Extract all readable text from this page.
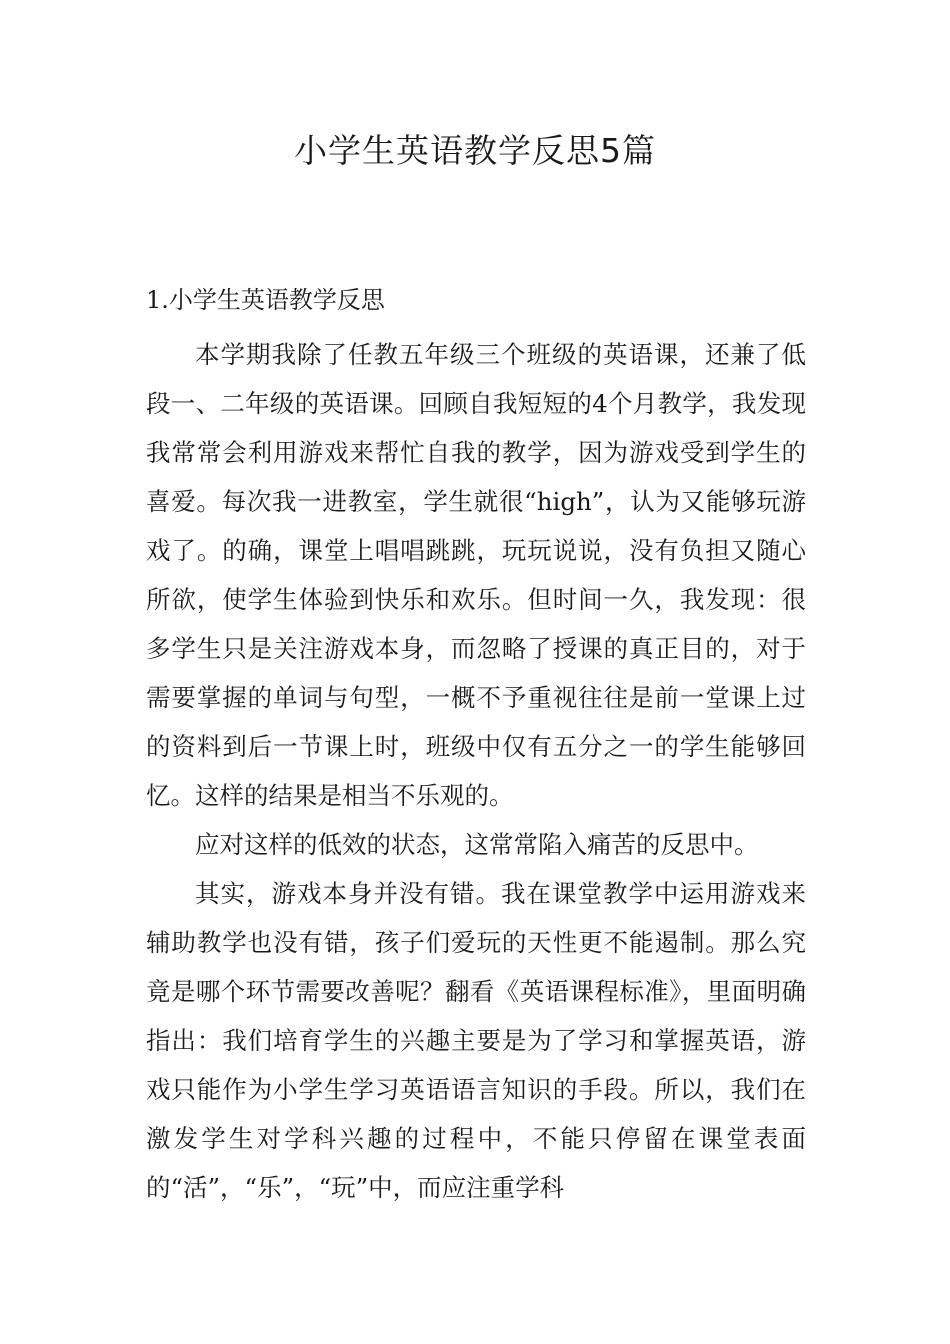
小学生英语教学反思5篇
1.小学生英语教学反思

本学期我除了任教五年级三个班级的英语课，还兼了低段一、二年级的英语课。回顾自我短短的4个月教学，我发现我常常会利用游戏来帮忙自我的教学，因为游戏受到学生的喜爱。每次我一进教室，学生就很“high”，认为又能够玩游戏了。的确，课堂上唱唱跳跳，玩玩说说，没有负担又随心所欲，使学生体验到快乐和欢乐。但时间一久，我发现：很多学生只是关注游戏本身，而忽略了授课的真正目的，对于需要掌握的单词与句型，一概不予重视往往是前一堂课上过的资料到后一节课上时，班级中仅有五分之一的学生能够回忆。这样的结果是相当不乐观的。

应对这样的低效的状态，这常常陷入痛苦的反思中。

其实，游戏本身并没有错。我在课堂教学中运用游戏来辅助教学也没有错，孩子们爱玩的天性更不能遏制。那么究竟是哪个环节需要改善呢？翻看《英语课程标准》，里面明确指出：我们培育学生的兴趣主要是为了学习和掌握英语，游戏只能作为小学生学习英语语言知识的手段。所以，我们在激发学生对学科兴趣的过程中，不能只停留在课堂表面的“活”，“乐”，“玩”中，而应注重学科
